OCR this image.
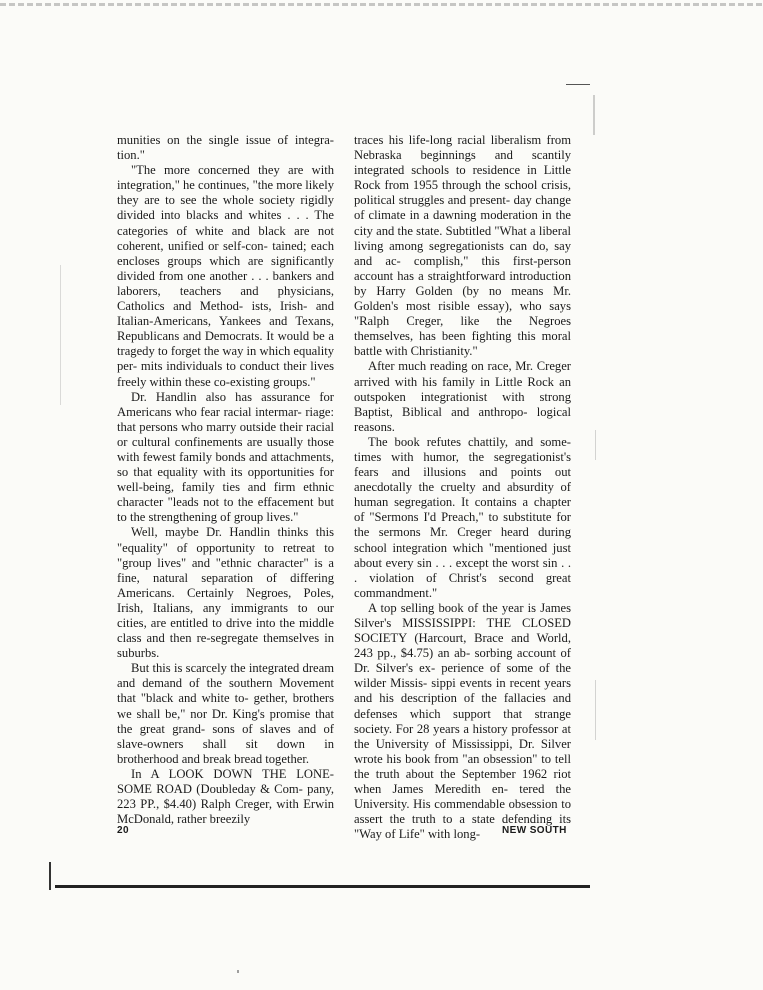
munities on the single issue of integra- tion."

"The more concerned they are with integration," he continues, "the more likely they are to see the whole society rigidly divided into blacks and whites . . . The categories of white and black are not coherent, unified or self-con- tained; each encloses groups which are significantly divided from one another . . . bankers and laborers, teachers and physicians, Catholics and Method- ists, Irish- and Italian-Americans, Yankees and Texans, Republicans and Democrats. It would be a tragedy to forget the way in which equality per- mits individuals to conduct their lives freely within these co-existing groups."

Dr. Handlin also has assurance for Americans who fear racial intermar- riage: that persons who marry outside their racial or cultural confinements are usually those with fewest family bonds and attachments, so that equality with its opportunities for well-being, family ties and firm ethnic character "leads not to the effacement but to the strengthening of group lives."

Well, maybe Dr. Handlin thinks this "equality" of opportunity to retreat to "group lives" and "ethnic character" is a fine, natural separation of differing Americans. Certainly Negroes, Poles, Irish, Italians, any immigrants to our cities, are entitled to drive into the middle class and then re-segregate themselves in suburbs.

But this is scarcely the integrated dream and demand of the southern Movement that "black and white to- gether, brothers we shall be," nor Dr. King's promise that the great grand- sons of slaves and of slave-owners shall sit down in brotherhood and break bread together.

In A LOOK DOWN THE LONE- SOME ROAD (Doubleday & Com- pany, 223 PP., $4.40) Ralph Creger, with Erwin McDonald, rather breezily

traces his life-long racial liberalism from Nebraska beginnings and scantily integrated schools to residence in Little Rock from 1955 through the school crisis, political struggles and present- day change of climate in a dawning moderation in the city and the state. Subtitled "What a liberal living among segregationists can do, say and ac- complish," this first-person account has a straightforward introduction by Harry Golden (by no means Mr. Golden's most risible essay), who says "Ralph Creger, like the Negroes themselves, has been fighting this moral battle with Christianity."

After much reading on race, Mr. Creger arrived with his family in Little Rock an outspoken integrationist with strong Baptist, Biblical and anthropo- logical reasons.

The book refutes chattily, and some- times with humor, the segregationist's fears and illusions and points out anecdotally the cruelty and absurdity of human segregation. It contains a chapter of "Sermons I'd Preach," to substitute for the sermons Mr. Creger heard during school integration which "mentioned just about every sin . . . except the worst sin . . . violation of Christ's second great commandment."

A top selling book of the year is James Silver's MISSISSIPPI: THE CLOSED SOCIETY (Harcourt, Brace and World, 243 pp., $4.75) an ab- sorbing account of Dr. Silver's ex- perience of some of the wilder Missis- sippi events in recent years and his description of the fallacies and defenses which support that strange society. For 28 years a history professor at the University of Mississippi, Dr. Silver wrote his book from "an obsession" to tell the truth about the September 1962 riot when James Meredith en- tered the University. His commendable obsession to assert the truth to a state defending its "Way of Life" with long-

20	NEW SOUTH
